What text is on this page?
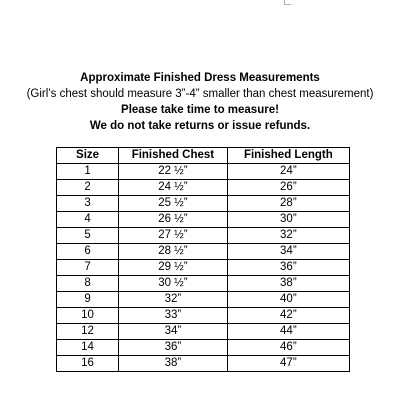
Approximate Finished Dress Measurements
(Girl’s chest should measure 3”-4” smaller than chest measurement)
Please take time to measure!
We do not take returns or issue refunds.
Size	Finished Chest	Finished Length
1	22 ½”	24”
2	24 ½”	26”
3	25 ½”	28”
4	26 ½”	30”
5	27 ½”	32”
6	28 ½”	34”
7	29 ½”	36”
8	30 ½”	38”
9	32”	40”
10	33”	42”
12	34”	44”
14	36”	46”
16	38”	47”
